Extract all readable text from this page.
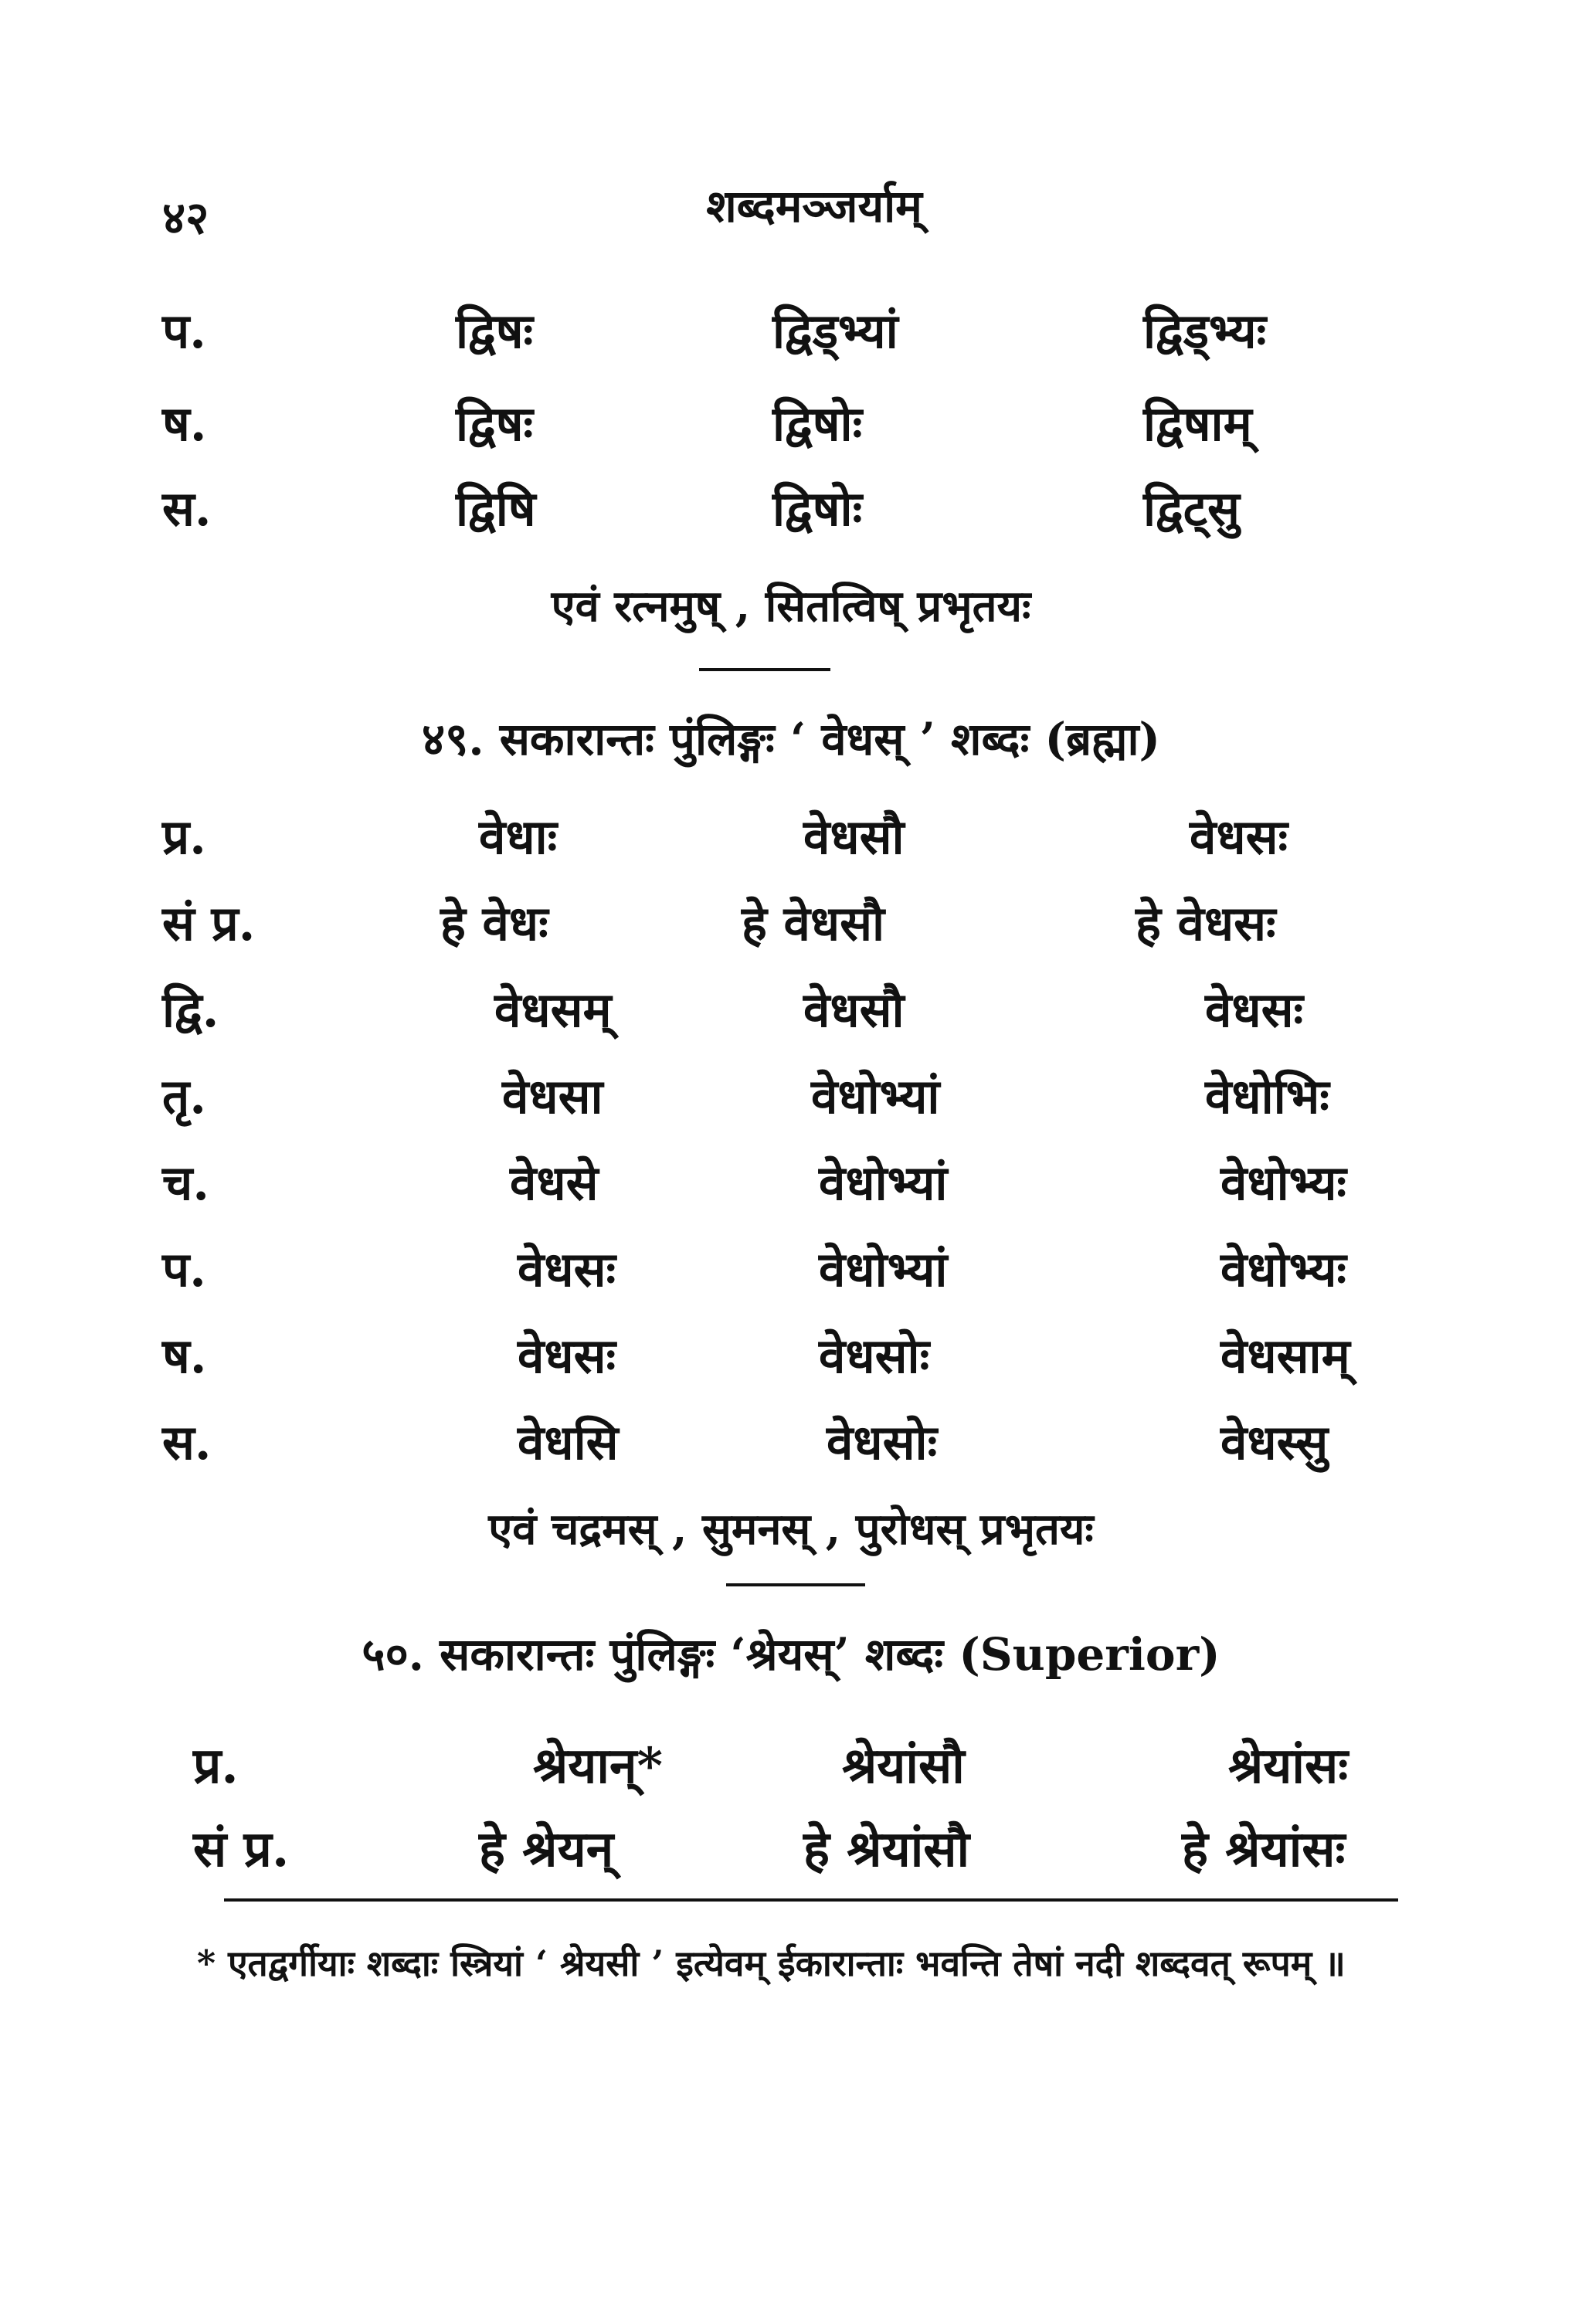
४२	शब्दमञ्जर्याम्
प.	द्विषः	द्विड्भ्यां	द्विड्भ्यः
ष.	द्विषः	द्विषोः	द्विषाम्
स.	द्विषि	द्विषोः	द्विट्सु
एवं रत्नमुष् , सितत्विष् प्रभृतयः
४९. सकारान्तः पुंलिङ्गः ‘ वेधस् ’ शब्दः (ब्रह्मा)
प्र.	वेधाः	वेधसौ	वेधसः
सं प्र.	हे वेधः	हे वेधसौ	हे वेधसः
द्वि.	वेधसम्	वेधसौ	वेधसः
तृ.	वेधसा	वेधोभ्यां	वेधोभिः
च.	वेधसे	वेधोभ्यां	वेधोभ्यः
प.	वेधसः	वेधोभ्यां	वेधोभ्यः
ष.	वेधसः	वेधसोः	वेधसाम्
स.	वेधसि	वेधसोः	वेधस्सु
एवं चद्रमस् , सुमनस् , पुरोधस् प्रभृतयः
५०. सकारान्तः पुंलिङ्गः ‘श्रेयस्’ शब्दः (Superior)
प्र.	श्रेयान्*	श्रेयांसौ	श्रेयांसः
सं प्र.	हे श्रेयन्	हे श्रेयांसौ	हे श्रेयांसः
* एतद्वर्गीयाः शब्दाः स्त्रियां ‘ श्रेयसी ’ इत्येवम् ईकारान्ताः भवन्ति तेषां नदी शब्दवत् रूपम् ॥
